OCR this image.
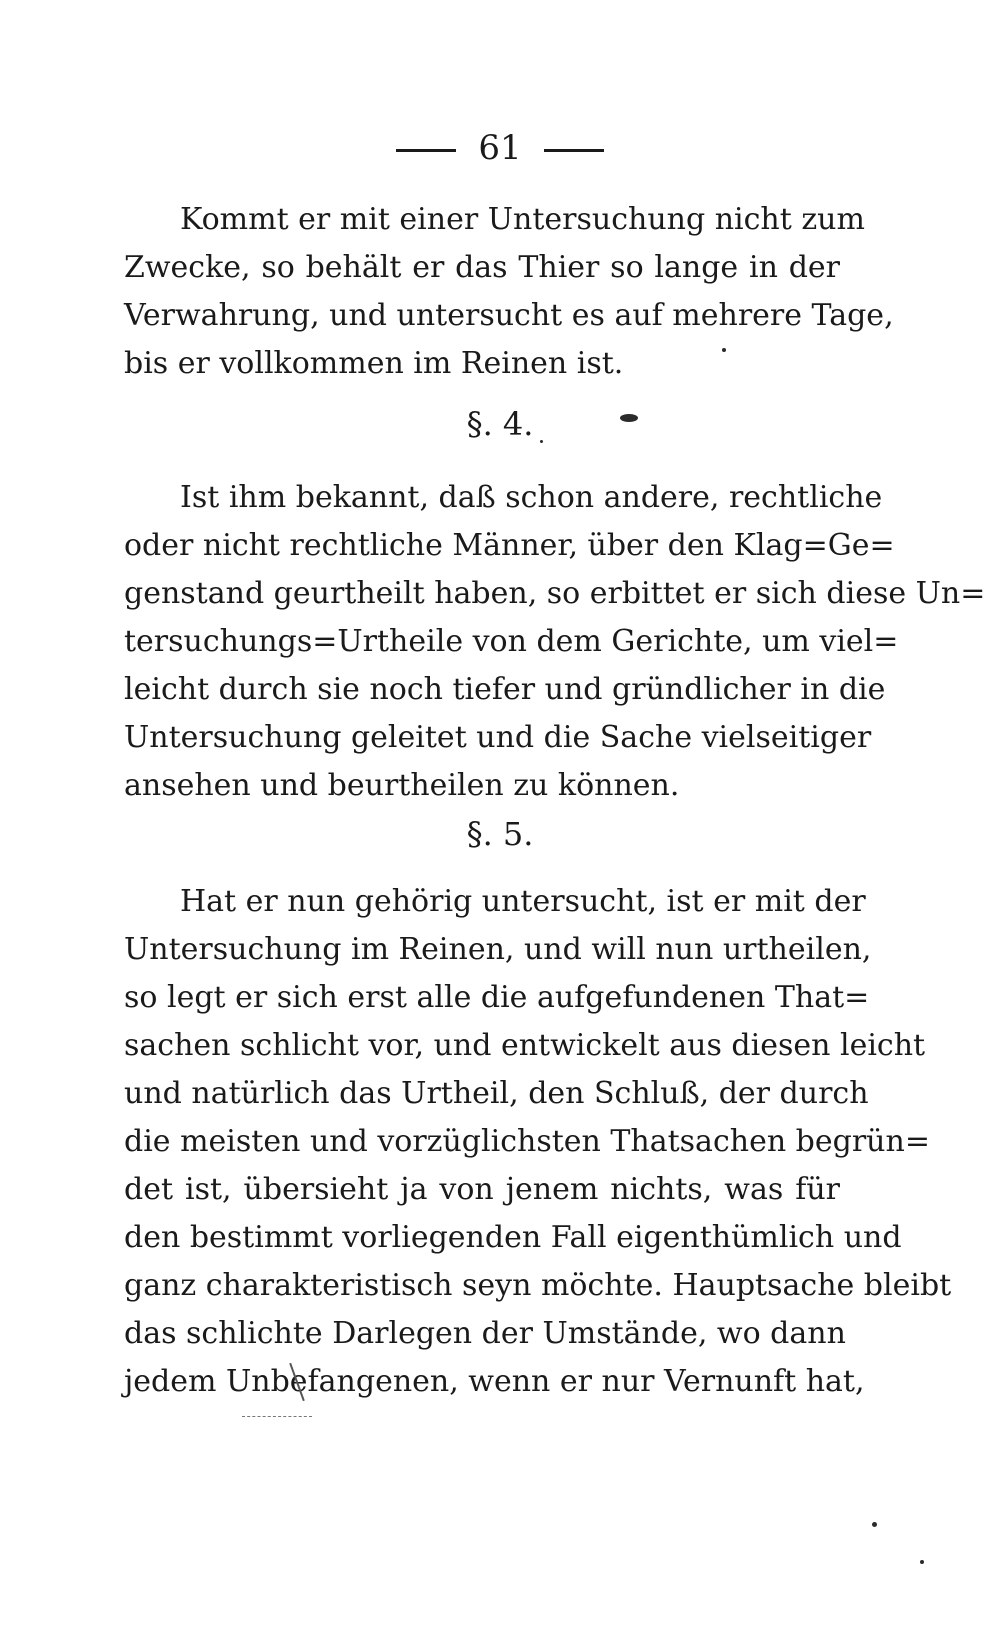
61
Kommt er mit einer Untersuchung nicht zum
Zwecke, so behält er das Thier so lange in der
Verwahrung, und untersucht es auf mehrere Tage,
bis er vollkommen im Reinen ist.
§. 4.
Ist ihm bekannt, daß schon andere, rechtliche
oder nicht rechtliche Männer, über den Klag=Ge=
genstand geurtheilt haben, so erbittet er sich diese Un=
tersuchungs=Urtheile von dem Gerichte, um viel=
leicht durch sie noch tiefer und gründlicher in die
Untersuchung geleitet und die Sache vielseitiger
ansehen und beurtheilen zu können.
§. 5.
Hat er nun gehörig untersucht, ist er mit der
Untersuchung im Reinen, und will nun urtheilen,
so legt er sich erst alle die aufgefundenen That=
sachen schlicht vor, und entwickelt aus diesen leicht
und natürlich das Urtheil, den Schluß, der durch
die meisten und vorzüglichsten Thatsachen begrün=
det ist, übersieht ja von jenem nichts, was für
den bestimmt vorliegenden Fall eigenthümlich und
ganz charakteristisch seyn möchte. Hauptsache bleibt
das schlichte Darlegen der Umstände, wo dann
jedem Unbefangenen, wenn er nur Vernunft hat,
